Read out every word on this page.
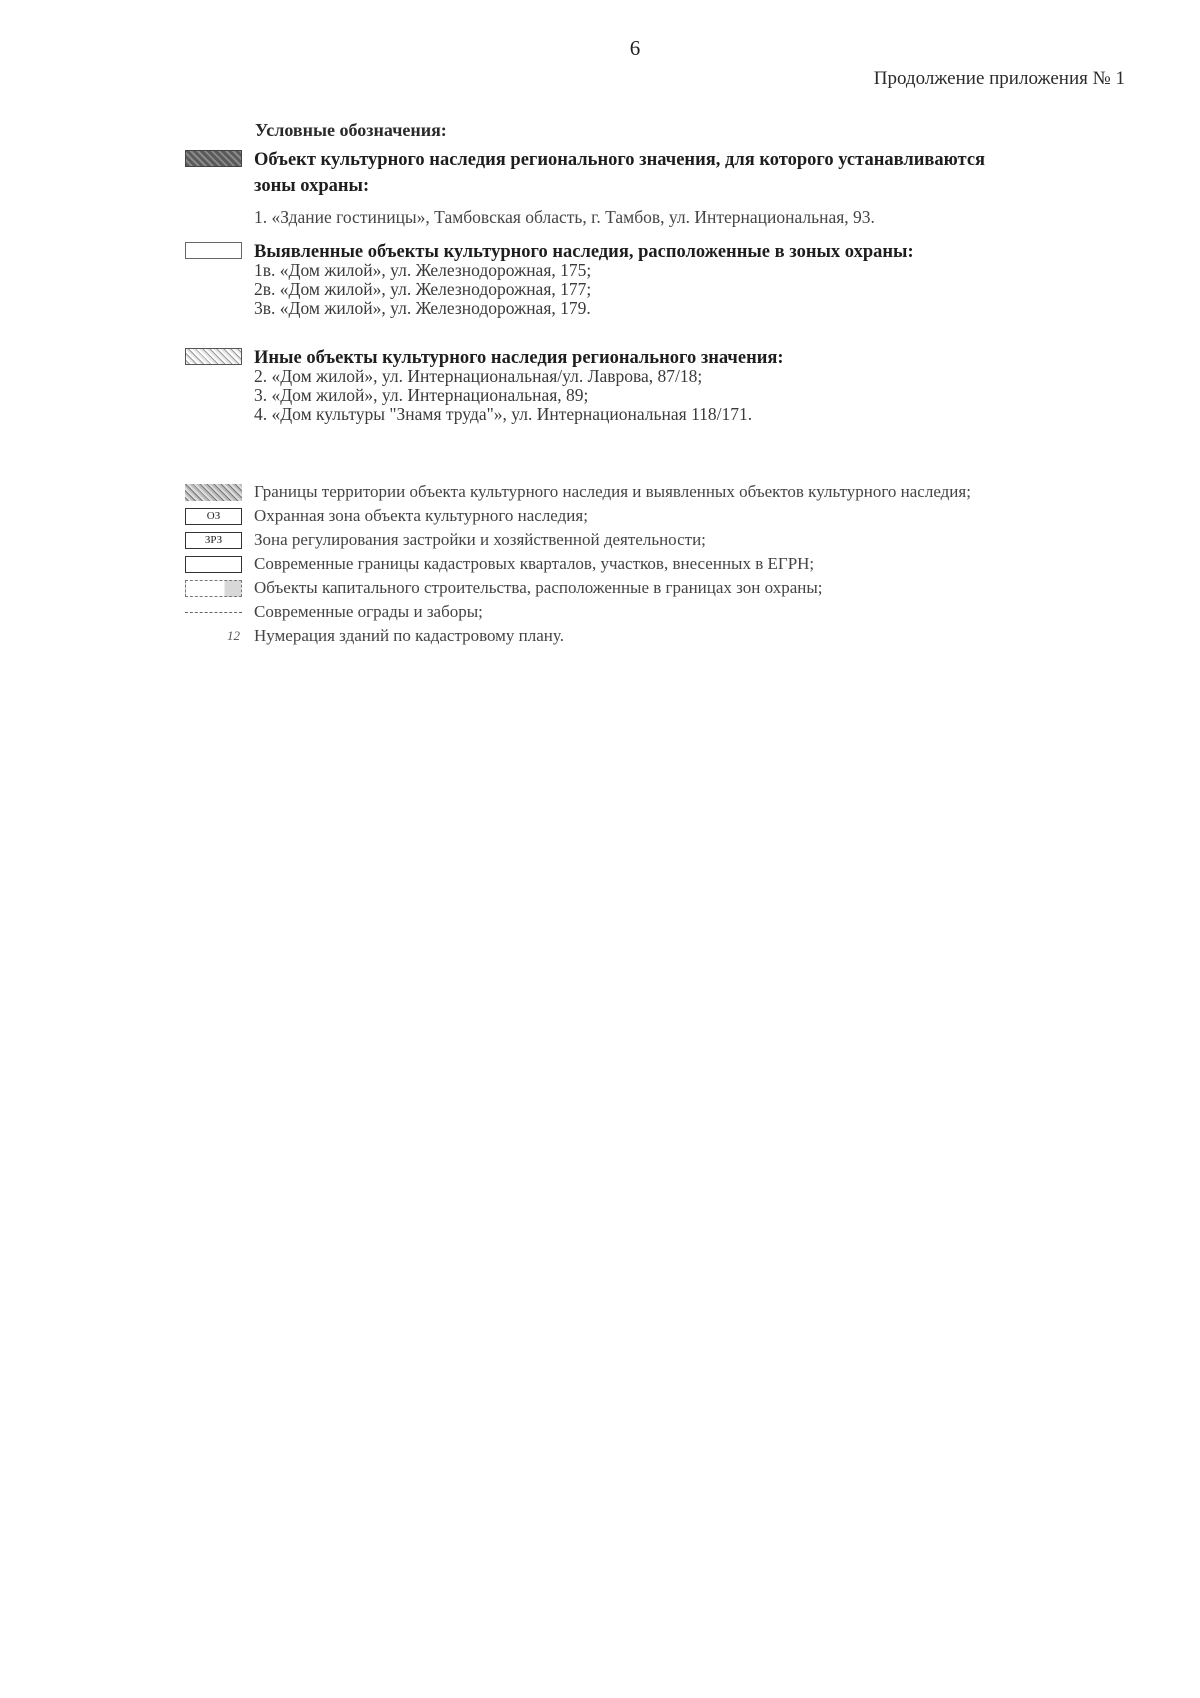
6
Продолжение приложения № 1
Условные обозначения:
Объект культурного наследия регионального значения, для которого устанавливаются
зоны охраны:
1. «Здание гостиницы», Тамбовская область, г. Тамбов, ул. Интернациональная, 93.
Выявленные объекты культурного наследия, расположенные в зоных охраны:
1в. «Дом жилой», ул. Железнодорожная, 175;
2в. «Дом жилой», ул. Железнодорожная, 177;
3в. «Дом жилой», ул. Железнодорожная, 179.
Иные объекты культурного наследия регионального значения:
2. «Дом жилой», ул. Интернациональная/ул. Лаврова, 87/18;
3. «Дом жилой», ул. Интернациональная, 89;
4. «Дом культуры "Знамя труда"», ул. Интернациональная 118/171.
Границы территории объекта культурного наследия и выявленных объектов культурного наследия;
ОЗ	Охранная зона объекта культурного наследия;
ЗРЗ	Зона регулирования застройки и хозяйственной деятельности;
Современные границы кадастровых кварталов, участков, внесенных в ЕГРН;
Объекты капитального строительства, расположенные в границах зон охраны;
Современные ограды и заборы;
12 Нумерация зданий по кадастровому плану.
